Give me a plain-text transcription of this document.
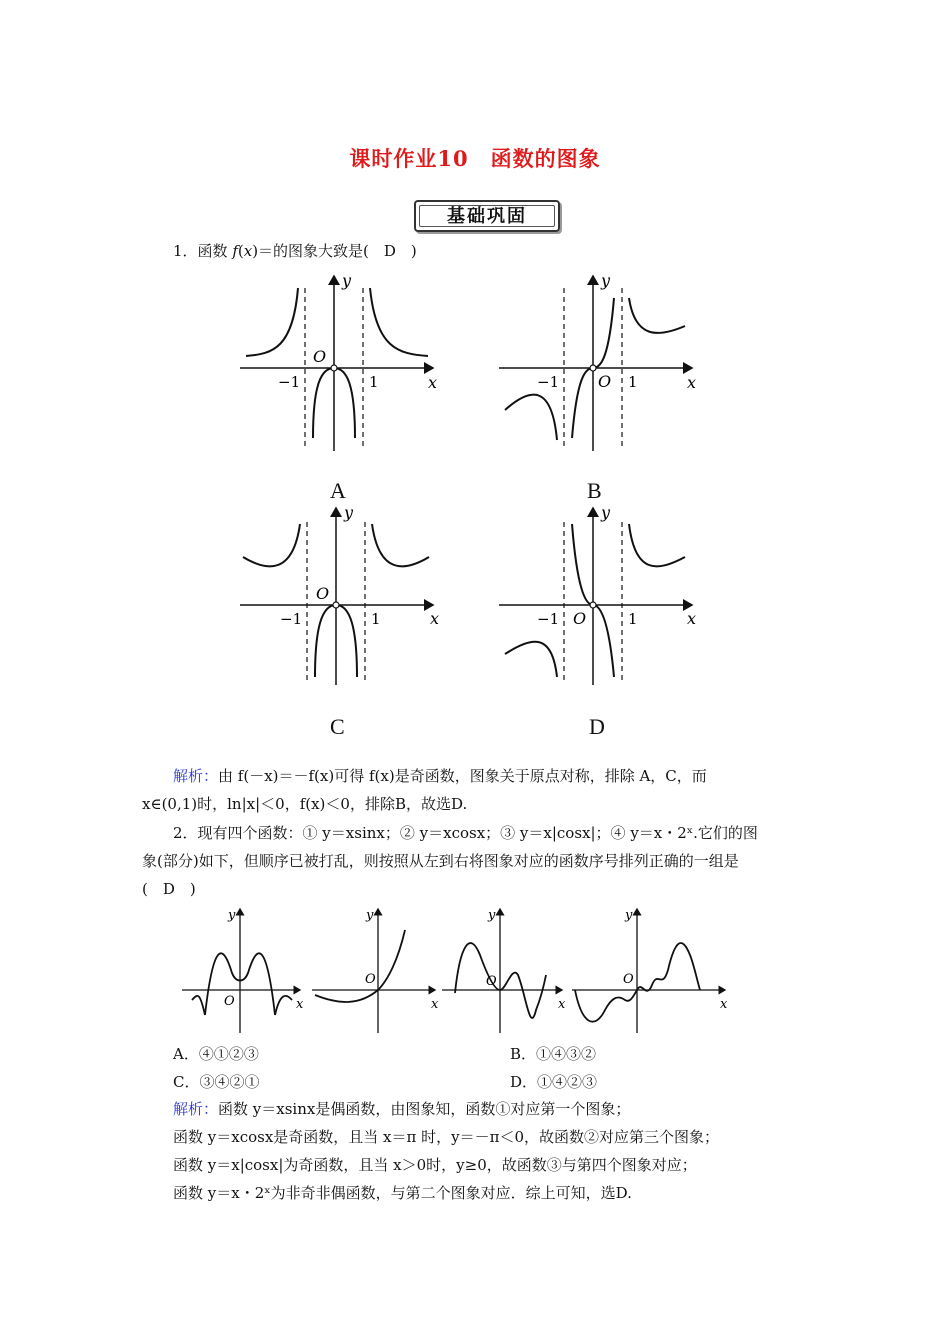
课时作业10　函数的图象
基础巩固
1．函数 f(x)＝的图象大致是(　D　)
y
x
O
−1	1
A
y
x
O
−1	1
B
y
x
O
−1	1
C
y
x
O
−1	1
D
解析：由 f(－x)＝－f(x)可得 f(x)是奇函数，图象关于原点对称，排除 A，C，而
x∈(0,1)时，ln|x|＜0，f(x)＜0，排除B，故选D.
2．现有四个函数：① y＝xsinx；② y＝xcosx；③ y＝x|cosx|；④ y＝x・2ˣ.它们的图
象(部分)如下，但顺序已被打乱，则按照从左到右将图象对应的函数序号排列正确的一组是
(　D　)
y
x
O
y
x
O
y
x
O
y
x
O
A．④①②③	B．①④③②
C．③④②①	D．①④②③
解析：函数 y＝xsinx是偶函数，由图象知，函数①对应第一个图象；
函数 y＝xcosx是奇函数，且当 x＝π 时，y＝－π＜0，故函数②对应第三个图象；
函数 y＝x|cosx|为奇函数，且当 x＞0时，y≥0，故函数③与第四个图象对应；
函数 y＝x・2ˣ为非奇非偶函数，与第二个图象对应．综上可知，选D.
